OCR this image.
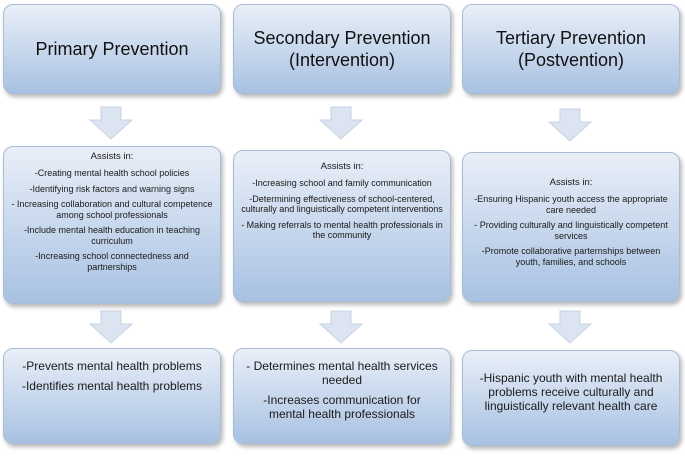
Primary Prevention
Assists in:
-Creating mental health school policies
-Identifying risk factors and warning signs
- Increasing collaboration and cultural competence among school professionals
-Include mental health education in teaching curriculum
-Increasing school connectedness and partnerships
-Prevents mental health problems
-Identifies mental health problems
Secondary Prevention
(Intervention)
Assists in:
-Increasing school and family communication
-Determining effectiveness of school-centered, culturally and linguistically competent interventions
- Making referrals to mental health professionals in the community
- Determines mental health services needed
-Increases communication for mental health professionals
Tertiary Prevention
(Postvention)
Assists in:
-Ensuring Hispanic youth access the appropriate care needed
- Providing culturally and linguistically competent services
-Promote collaborative parternships between youth, families, and schools
-Hispanic youth with mental health problems receive culturally and linguistically relevant health care
